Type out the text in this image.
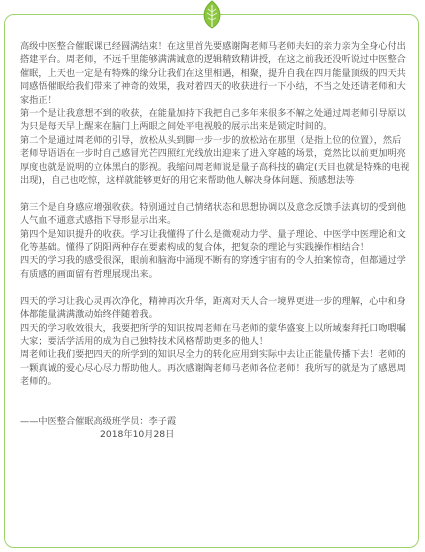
高级中医整合催眠课已经圆满结束！在这里首先要感谢陶老师马老师夫妇的亲力亲为全身心付出搭建平台。周老师，不远千里能够满满诚意的逻辑精致精讲授，在这之前我还没听说过中医整合催眠，上天也一定是有特殊的缘分让我们在这里相遇，相聚，提升自我在四月能量顶级的四天共同感悟催眠给我们带来了神奇的效果，我对着四天的收获进行一下小结，不当之处还请老师和大家指正！

第一个是让我意想不到的收获，在能量加持下我把自己多年来很多不解之处通过周老师引导原以为只是每天早上醒来在脑门上两眼之间处平电视般的展示出来是锁定时间的。

第二个是通过周老师的引导，放松从头到脚一步一步的放松站在那里（是指上位的位置），然后老师导语语在一步时自己感冒光芒四照红光线放出迎来了进入穿越的场景，竟然比以前更加明亮厚度也就是说明的立体黑白的影视。我缩问周老师说是量子高科技的确定(天目也就是特殊的电视出现)，自己也吃惊，这样就能够更好的用它来帮助他人解决身体问题、预感想法等

第三个是自身感应增强收获。特别通过自己情绪状态和思想协调以及意念反馈手法真切的受到他人气血不通意式感指下导形显示出来。

第四个是知识提升的收获。学习让我懂得了什么是微观动力学、量子理论、中医学中医理论和文化等基础。懂得了阴阳两种存在要素构成的复合体，把复杂的理论与实践操作相结合！

四天的学习我的感受很深，眼前和脑海中涌现不断有的穿透宇宙有的令人拍案惊奇，但都通过学有质感的画面留有哲理展现出来。

四天的学习让我心灵再次净化，精神再次升华，距离对天人合一境界更进一步的理解，心中和身体都能量满满激动始终伴随着我。

四天的学习收效很大，我要把所学的知识按周老师在马老师的蒙华盛宴上以所域秦拜托口吻喂嘱大家；要活学活用的成为自己独特技术风格帮助更多的他人！

周老师让我们要把四天的所学到的知识尽全力的转化应用到实际中去让正能量传播下去！老师的一颗真诚的爱心尽心尽力帮助他人。再次感谢陶老师马老师各位老师！我所写的就是为了感恩周老师的。

——中医整合催眠高级班学员：李子霞
2018年10月28日
